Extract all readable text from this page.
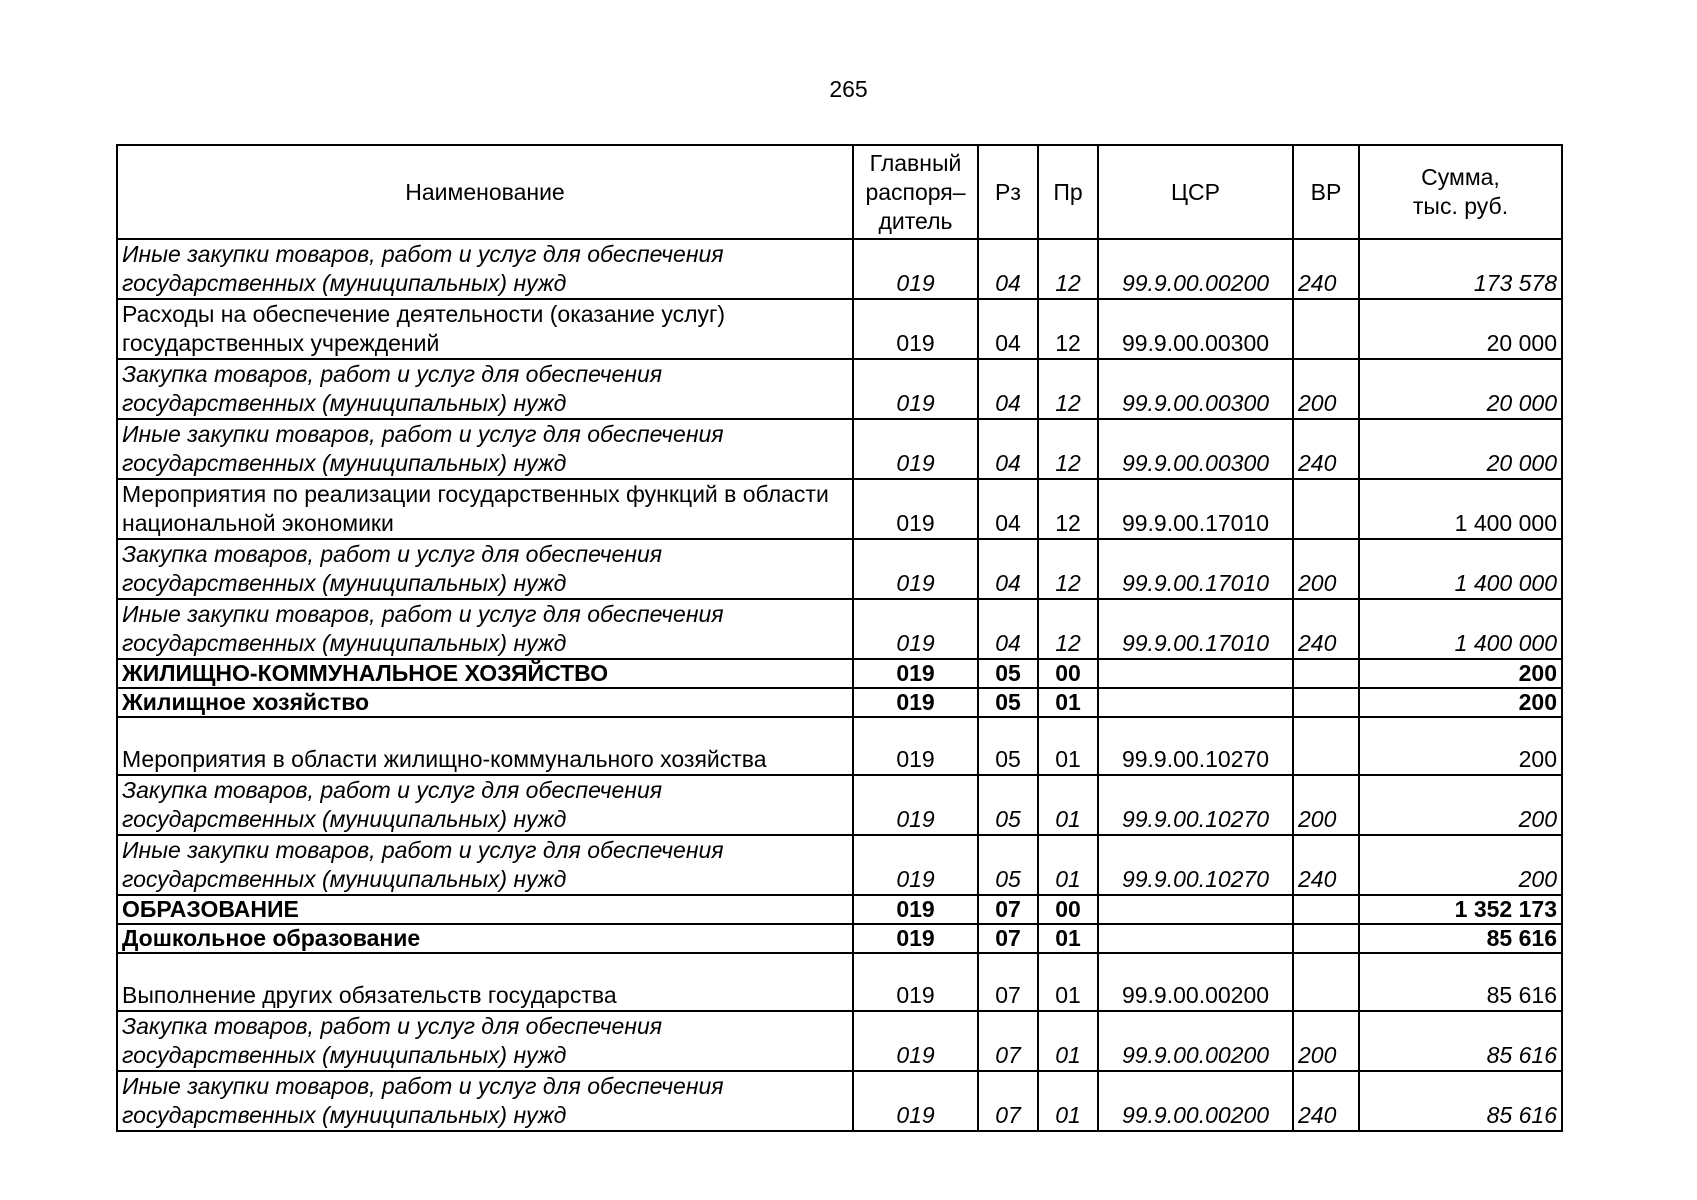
265
Наименование	Главный
распоря–
дитель	Рз	Пр	ЦСР	ВР	Сумма,
тыс. руб.
Иные закупки товаров, работ и услуг для обеспечения государственных (муниципальных) нужд	019	04	12	99.9.00.00200	240	173 578
Расходы на обеспечение деятельности (оказание услуг) государственных учреждений	019	04	12	99.9.00.00300		20 000
Закупка товаров, работ и услуг для обеспечения государственных (муниципальных) нужд	019	04	12	99.9.00.00300	200	20 000
Иные закупки товаров, работ и услуг для обеспечения государственных (муниципальных) нужд	019	04	12	99.9.00.00300	240	20 000
Мероприятия по реализации государственных функций в области национальной экономики	019	04	12	99.9.00.17010		1 400 000
Закупка товаров, работ и услуг для обеспечения государственных (муниципальных) нужд	019	04	12	99.9.00.17010	200	1 400 000
Иные закупки товаров, работ и услуг для обеспечения государственных (муниципальных) нужд	019	04	12	99.9.00.17010	240	1 400 000
ЖИЛИЩНО-КОММУНАЛЬНОЕ ХОЗЯЙСТВО	019	05	00			200
Жилищное хозяйство	019	05	01			200
Мероприятия в области жилищно-коммунального хозяйства	019	05	01	99.9.00.10270		200
Закупка товаров, работ и услуг для обеспечения государственных (муниципальных) нужд	019	05	01	99.9.00.10270	200	200
Иные закупки товаров, работ и услуг для обеспечения государственных (муниципальных) нужд	019	05	01	99.9.00.10270	240	200
ОБРАЗОВАНИЕ	019	07	00			1 352 173
Дошкольное образование	019	07	01			85 616
Выполнение других обязательств государства	019	07	01	99.9.00.00200		85 616
Закупка товаров, работ и услуг для обеспечения государственных (муниципальных) нужд	019	07	01	99.9.00.00200	200	85 616
Иные закупки товаров, работ и услуг для обеспечения государственных (муниципальных) нужд	019	07	01	99.9.00.00200	240	85 616
